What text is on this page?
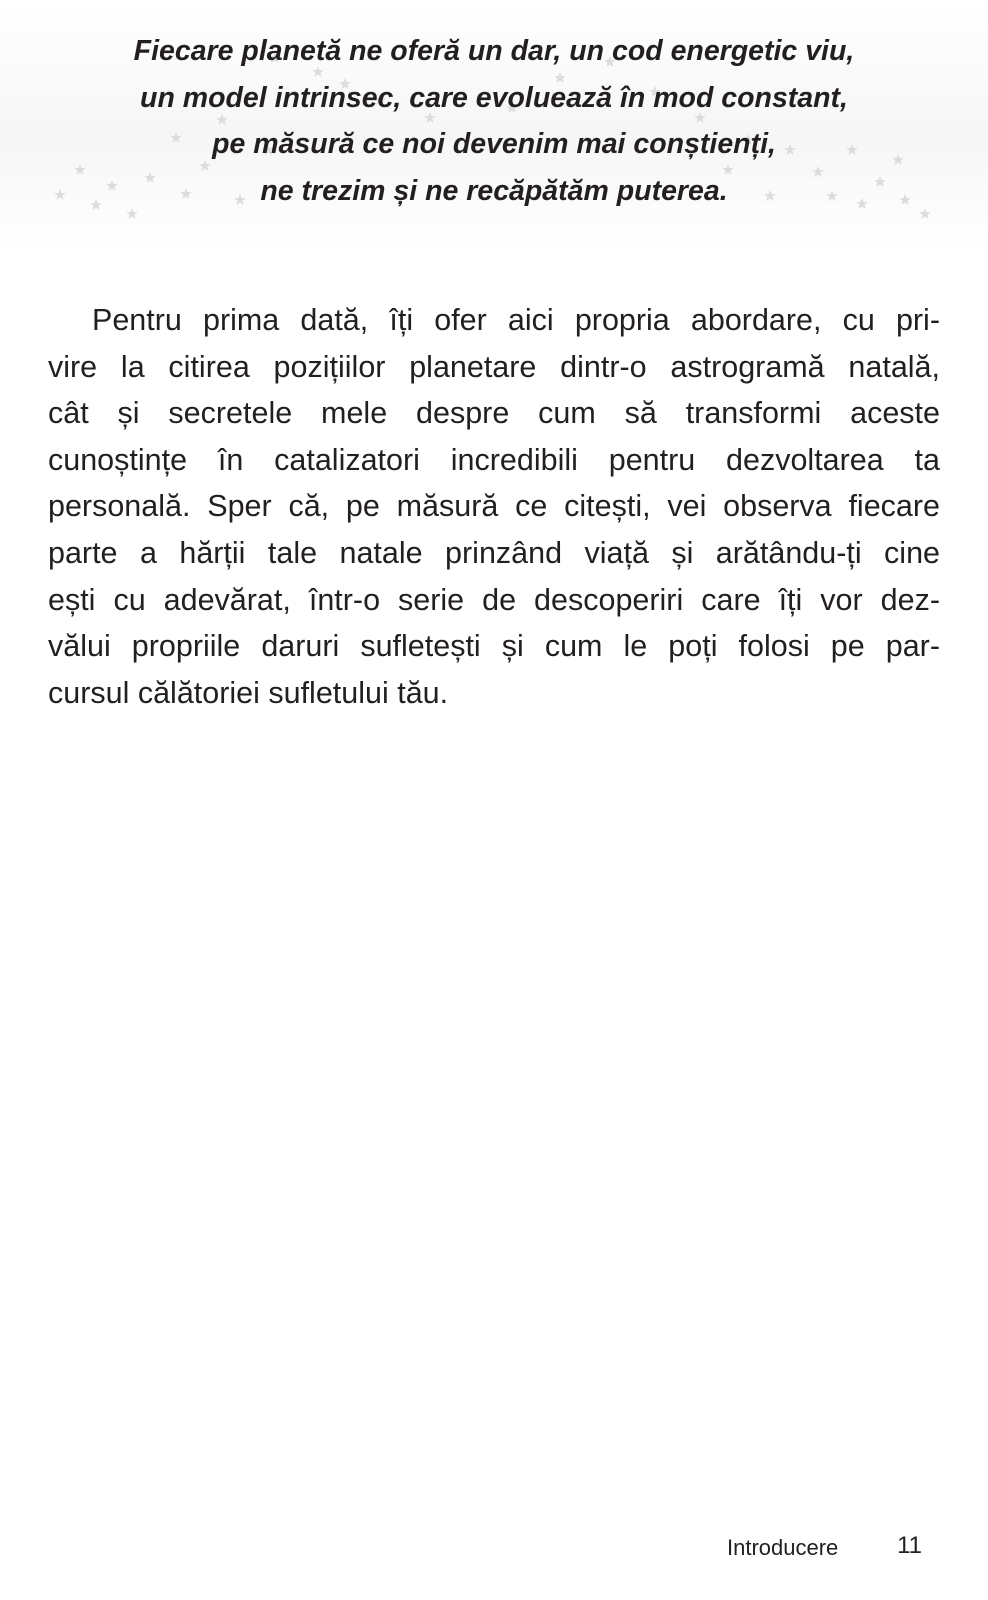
Fiecare planetă ne oferă un dar, un cod energetic viu,
un model intrinsec, care evoluează în mod constant,
pe măsură ce noi devenim mai conștienți,
ne trezim și ne recăpătăm puterea.

Pentru prima dată, îți ofer aici propria abordare, cu pri-
vire la citirea pozițiilor planetare dintr-o astrogramă natală,
cât și secretele mele despre cum să transformi aceste
cunoștințe în catalizatori incredibili pentru dezvoltarea ta
personală. Sper că, pe măsură ce citești, vei observa fiecare
parte a hărții tale natale prinzând viață și arătându-ți cine
ești cu adevărat, într-o serie de descoperiri care îți vor dez-
vălui propriile daruri sufletești și cum le poți folosi pe par-
cursul călătoriei sufletului tău.

Introducere 11
